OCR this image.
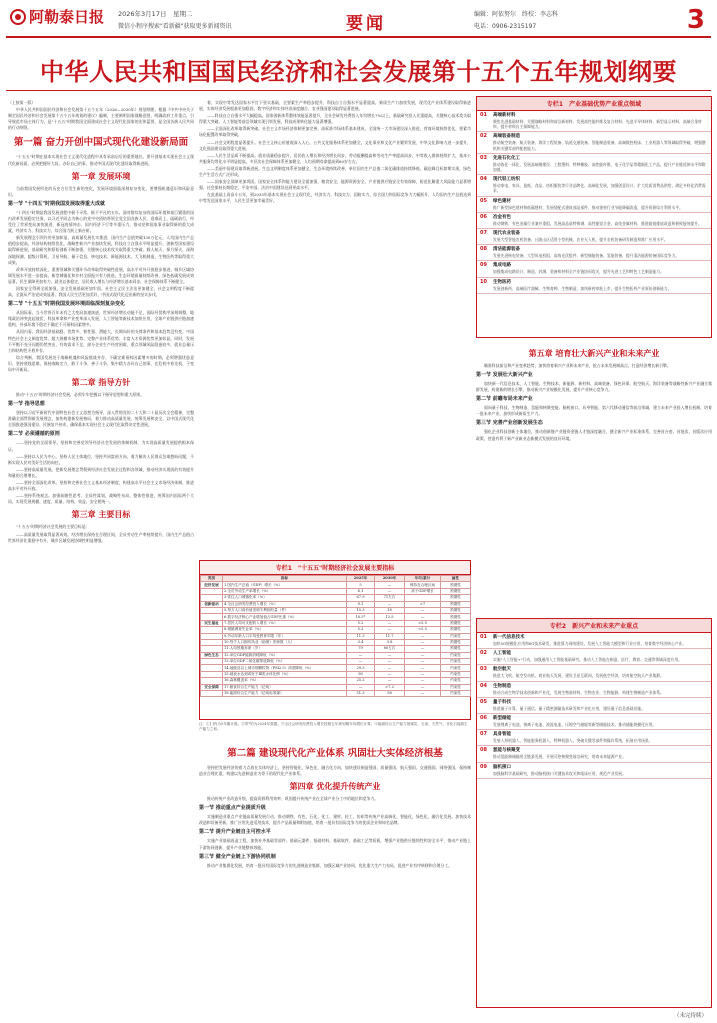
阿勒泰日报 2026年3月17日　星期二
微信小程序搜索"看新疆"获取更多新闻资讯	要闻	编辑：阿依努尔　终校：李志科
电话：0906-2315197	3
中华人民共和国国民经济和社会发展第十五个五年规划纲要

（上接第一版）

中华人民共和国国民经济和社会发展第十五个五年（2026—2030年）规划纲要，根据《中共中央关于制定国民经济和社会发展第十五个五年规划的建议》编制，主要阐明国家战略意图，明确政府工作重点，引导规范市场主体行为，是"十五五"时期我国全面建成社会主义现代化国家的宏伟蓝图，是全国各族人民共同的行动纲领。

第一篇 奋力开创中国式现代化建设新局面

"十五五"时期在基本实现社会主义现代化进程中具有承前启后的重要地位。要开创基本实现社会主义现代化新局面，必须把握好大局，办好自己的事，推动中国式现代化建设取得新进展。

第一章 发展环境

当前我国发展所处的历史方位发生新的变化，发展环境面临深刻复杂变化，要增强机遇意识和风险意识。

第一节 "十四五"时期我国发展取得重大成就

"十四五"时期是我国发展进程中极不寻常、极不平凡的五年。面对错综复杂的国际环境和艰巨繁重的国内改革发展稳定任务，以习近平同志为核心的党中央团结带领全党全国各族人民，迎难而上、砥砺前行，经受住了世界变局加快演进、新冠疫情冲击、国内经济下行等多重压力，推动党和国家事业取得新的重大成就，经济实力、科技实力、综合国力跃上新台阶。

新发展理念引领作用更加彰显，高质量发展扎实推进，国内生产总值突破130万亿元，人均国内生产总值稳步提高，经济结构持续优化，战略性新兴产业加快发展。科技自立自强水平明显提升，创新型国家建设取得新进展，基础研究和原始创新不断加强，关键核心技术攻关取得重大突破，载人航天、探月探火、深海深地探测、超级计算机、卫星导航、量子信息、核电技术、新能源技术、大飞机制造、生物医药等取得重大成果。

改革开放持续深化，重要领域和关键环节改革取得突破性进展，高水平对外开放稳步推进。城乡区域协调发展水平进一步提高，新型城镇化和乡村全面振兴有力推进。生态环境质量持续改善，绿色低碳发展成效显著。民生保障更加有力，就业总体稳定，居民收入增长与经济增长基本同步，社会保障体系不断健全。

国家安全得到全面加强，安全发展基础更加牢固。社会主义民主法治更加健全，社会文明程度不断提高，全面从严治党成效显著。我国人民生活更加美好，中国式现代化迈出新的坚实步伐。

第二节 "十五五"时期我国发展环境面临深刻复杂变化

从国际看，当今世界百年未有之大变局加速演进，世界经济增长动能不足，国际经贸秩序深刻调整，地缘政治冲突此起彼伏，科技革命和产业变革深入发展，人工智能等新技术加快应用，全球产业链供应链加速重构，外部环境不稳定不确定不可预料因素增多。

从国内看，我国经济基础稳、优势多、韧性强、潜能大，长期向好的支撑条件和基本趋势没有变，中国特色社会主义制度优势、超大规模市场优势、完整产业体系优势、丰富人才资源优势更加彰显。同时，发展不平衡不充分问题仍然突出，有效需求不足，部分企业生产经营困难，重点领域风险隐患较多，就业总量压力和结构性矛盾并存。

综合判断，我国发展处于战略机遇和风险挑战并存、不确定难预料因素增多的时期。必须增强忧患意识，坚持底线思维，保持战略定力，敢于斗争、善于斗争，集中精力办好自己的事，在危机中育先机、于变局中开新局。

第二章 指导方针

推动"十五五"时期经济社会发展，必须牢牢把握以下指导思想和重大原则。

第一节 指导思想

坚持以习近平新时代中国特色社会主义思想为指导，深入贯彻党的二十大和二十届历次全会精神，完整准确全面贯彻新发展理念，加快构建新发展格局，着力推动高质量发展，统筹发展和安全，以中国式现代化全面推进强国建设、民族复兴伟业，确保基本实现社会主义现代化取得决定性进展。

第二节 必须遵循的原则

——坚持党的全面领导。坚持和完善党领导经济社会发展的体制机制，为实现高质量发展提供根本保证。

——坚持以人民为中心。坚持人民主体地位，坚持共同富裕方向，着力解决人民群众急难愁盼问题，不断实现人民对美好生活的向往。

——坚持高质量发展。把新发展理念贯彻到经济社会发展全过程和各领域，推动经济实现质的有效提升和量的合理增长。

——坚持全面深化改革。坚持和完善社会主义基本经济制度，构建高水平社会主义市场经济体制，推进高水平对外开放。

——坚持系统观念。加强前瞻性思考、全局性谋划、战略性布局、整体性推进，统筹国内国际两个大局，实现发展规模、速度、质量、结构、效益、安全相统一。

第三章 主要目标

"十五五"时期经济社会发展的主要目标是：

——高质量发展取得显著成效。经济增长保持在合理区间，全员劳动生产率持续提升，国内生产总值占世界经济比重稳中有升，城乡区域发展协调性明显增强。

着，实现中等发达国家水平打下坚实基础，全要素生产率稳步提升，科技自立自强水平显著提高，新质生产力加快发展，现代化产业体系建设取得新进展，实体经济发展根基更加稳固，数字经济和实体经济深度融合，农业强国建设取得显著进展。

——科技自立自强水平大幅提高。国家创新体系整体效能显著提升，全社会研发经费投入年均增长7%以上，基础研究投入比重提高，关键核心技术攻关取得重大突破，人工智能等前沿领域实现引领发展，科技成果转化能力显著增强。

——全面深化改革取得新突破。社会主义市场经济体制更加完善，高标准市场体系基本建成，全国统一大市场建设深入推进，营商环境持续优化，要素市场化配置改革取得突破。

——社会文明程度显著提升。社会主义核心价值观深入人心，公共文化服务体系更加健全，文化事业和文化产业繁荣发展，中华文化影响力进一步提升，文化强国建设取得重大进展。

——人民生活品质不断提高。就业质量稳步提升，居民收入增长和经济增长同步，劳动报酬提高和劳动生产率提高同步，中等收入群体持续扩大，基本公共服务均等化水平明显提高，多层次社会保障体系更加健全，人均预期寿命提高到80岁左右。

——美丽中国建设取得新进展。生态文明制度体系更加健全，生态环境持续改善，单位国内生产总值二氧化碳排放持续降低，碳达峰目标如期实现，绿色生产生活方式广泛形成。

——国家安全屏障更加巩固。国家安全体系和能力建设全面加强，粮食安全、能源资源安全、产业链供应链安全有效保障，防范化解重大风险能力显著增强，社会保持长期稳定，平安中国、法治中国建设达到更高水平。

在此基础上再奋斗五年，到2035年基本实现社会主义现代化，经济实力、科技实力、国防实力、综合国力和国际竞争力大幅跃升，人均国内生产总值达到中等发达国家水平，人民生活更加幸福美好。

专栏1　"十五五"时期经济社会发展主要指标
类别	指标	2025年	2030年	年均/累计	属性
经济发展	1.国内生产总值（GDP）增长（%）	5	—	保持在合理区间	预期性
	2.全员劳动生产率增长（%）	6.1	—	高于GDP增长	预期性
	3.常住人口城镇化率（%）	67.9	71左右		预期性
创新驱动	4.全社会研发经费投入增长（%）	9.1	—	>7	预期性
	5.每万人口高价值发明专利拥有量（件）	15.3	18	—	预期性
	6.数字经济核心产业增加值占GDP比重（%）	10.5*	12.5	—	预期性
民生福祉	7.居民人均可支配收入增长（%）	5.2	—	≈5.5	预期性
	8.城镇调查失业率（%）	5.2	—	<5.5	预期性
	9.劳动年龄人口平均受教育年限（年）	11.3	11.7	—	约束性
	10.每千人口拥有执业（助理）医师数（人）	3.4	3.8	—	预期性
	11.人均预期寿命（岁）	79	80左右	—	预期性
绿色生态	12.单位GDP能源消耗降低（%）	—	—	—	约束性
	13.单位GDP二氧化碳排放降低（%）	—	—	—	约束性
	14.地级及以上城市细颗粒物（PM2.5）浓度降低（%）	29.3	—	—	约束性
	15.地表水达到或好于Ⅲ类水体比例（%）	90	—	—	约束性
	16.森林覆盖率（%）	25.2	—	—	约束性
安全保障	17.粮食综合生产能力（亿吨）	—	>7.2	—	约束性
	18.能源综合生产能力（亿吨标准煤）	51.3	58	—	约束性
注：①[ ]内为5年累计数。②带*的为2024年数据。③全社会研发经费投入增长按照五年规划期年均增长计算。④能源综合生产能力指煤炭、石油、天然气、非化石能源生产能力之和。

第二篇 建设现代化产业体系 巩固壮大实体经济根基

坚持把发展经济的着力点放在实体经济上，坚持智能化、绿色化、融合化方向，加快建设制造强国、质量强国、航天强国、交通强国、网络强国，保持制造业合理比重，构建以先进制造业为骨干的现代化产业体系。

第四章 优化提升传统产业

推动传统产业改造升级，提高资源利用效率，巩固提升传统产业在全球产业分工中的地位和竞争力。

第一节 推动重点产业提质升级

实施制造业重点产业链高质量发展行动，推动钢铁、有色、石化、化工、建材、轻工、纺织等传统产业高端化、智能化、绿色化、融合化发展。加快技术改造和设备更新，推广应用先进适用技术，提升产品质量和附加值，培育一批具有国际竞争力的优质企业和知名品牌。

第二节 提升产业链自主可控水平

实施产业基础再造工程，加快补齐基础零部件、基础元器件、基础材料、基础软件、基础工艺等短板，增强产业链供应链韧性和安全水平，推动产业链上下游协同创新，提升产业链整体效能。

第三节 健全产业链上下游协同机制

推动产业集群化发展，培育一批具有国际竞争力的先进制造业集群，加强区域产业协同，优化重大生产力布局，促进产业有序转移和合理分工。

专栏1　产业基础优势产业重点领域
01 高端新材料
聚焦先进基础材料、关键战略材料和前沿新材料，发展高性能纤维及复合材料、先进半导体材料、新型显示材料、高端合金材料，提升材料自主保障能力。
02 高端装备制造
推动航空装备、航天装备、海洋工程装备、轨道交通装备、智能制造装备、高端数控机床、工业机器人等领域取得突破，增强整机和关键零部件配套能力。
03 先进石化化工
推动炼化一体化，发展高端聚烯烃、工程塑料、特种橡胶、高性能纤维、电子化学品等精细化工产品，提升产业链延伸水平和附加值。
04 现代轻工纺织
推动家电、家具、造纸、食品、纺织服装等行业品牌化、高端化发展，加强创意设计，扩大优质消费品供给，满足多样化消费需求。
05 绿色建材
推广新型绿色建材和低碳建材，发展装配式建筑部品部件，推动建材行业节能降碳改造，提升资源综合利用水平。
06 冶金有色
推动钢铁、有色金属行业兼并重组，发展高品质特殊钢、高性能铝合金、高纯金属材料，推进超低排放改造和极致能效提升。
07 现代农业装备
发展大型智能农机装备、丘陵山区适用小型机械、农业无人机，提升农机装备研发制造和推广应用水平。
08 清洁能源装备
发展先进核电装备、大型风电机组、高效光伏组件、新型储能装备、氢能装备，提升清洁能源装备国际竞争力。
09 集成电路
加强集成电路设计、制造、封测、装备和材料全产业链协同攻关，提升先进工艺和特色工艺制造能力。
10 生物医药
发展创新药、高端医疗器械、生物育种、生物制造，加快新药审批上市，提升生物医药产业原始创新能力。

第五章 培育壮大新兴产业和未来产业

瞄准科技前沿和产业变革趋势，加快培育新兴产业和未来产业，抢占未来发展制高点，打造经济增长新引擎。

第一节 发展壮大新兴产业

加快新一代信息技术、人工智能、生物技术、新能源、新材料、高端装备、绿色环保、航空航天、海洋装备等战略性新兴产业融合集群发展，构建新的增长引擎，推动新兴产业规模化发展，提升产业核心竞争力。

第二节 前瞻布局未来产业

面向量子科技、生物制造、氢能和核聚变能、脑机接口、具身智能、第六代移动通信等前沿领域，建立未来产业投入增长机制，培育一批未来产业，加快形成新质生产力。

第三节 完善产业创新发展生态

强化企业科技创新主体地位，推动创新链产业链资金链人才链深度融合，健全新兴产业标准体系，完善首台套、首批次、首版次应用政策，营造有利于新产业新业态新模式发展的良好环境。

专栏2　新兴产业和未来产业重点
01 新一代信息技术
加快5G规模化应用和6G技术研发，推进算力网络建设，发展人工智能大模型和行业应用，培育数字经济核心产业。
02 人工智能
实施"人工智能+"行动，加强通用人工智能基础研究，推动人工智能在制造、医疗、教育、交通等领域深度应用。
03 航空航天
推进大飞机、航空发动机、商业航天发展，建设卫星互联网，发展低空经济，培育航空航天产业集群。
04 生物制造
推动合成生物学技术创新和产业化，发展生物基材料、生物农业、生物能源，构建生物制造产业体系。
05 量子科技
推进量子计算、量子通信、量子精密测量技术研发和产业化应用，建设量子信息基础设施。
06 新型储能
发展锂离子电池、钠离子电池、液流电池、压缩空气储能等新型储能技术，推动储能规模化应用。
07 具身智能
发展人形机器人、智能服务机器人、特种机器人，突破关键零部件和操作系统，拓展应用场景。
08 氢能与核聚变
推动氢能制储输用全链条发展，开展可控核聚变前沿研究，培育未来能源产业。
09 脑机接口
加强脑科学基础研究，推动脑机接口关键技术攻关和临床应用，规范产业发展。
（未完待续）
